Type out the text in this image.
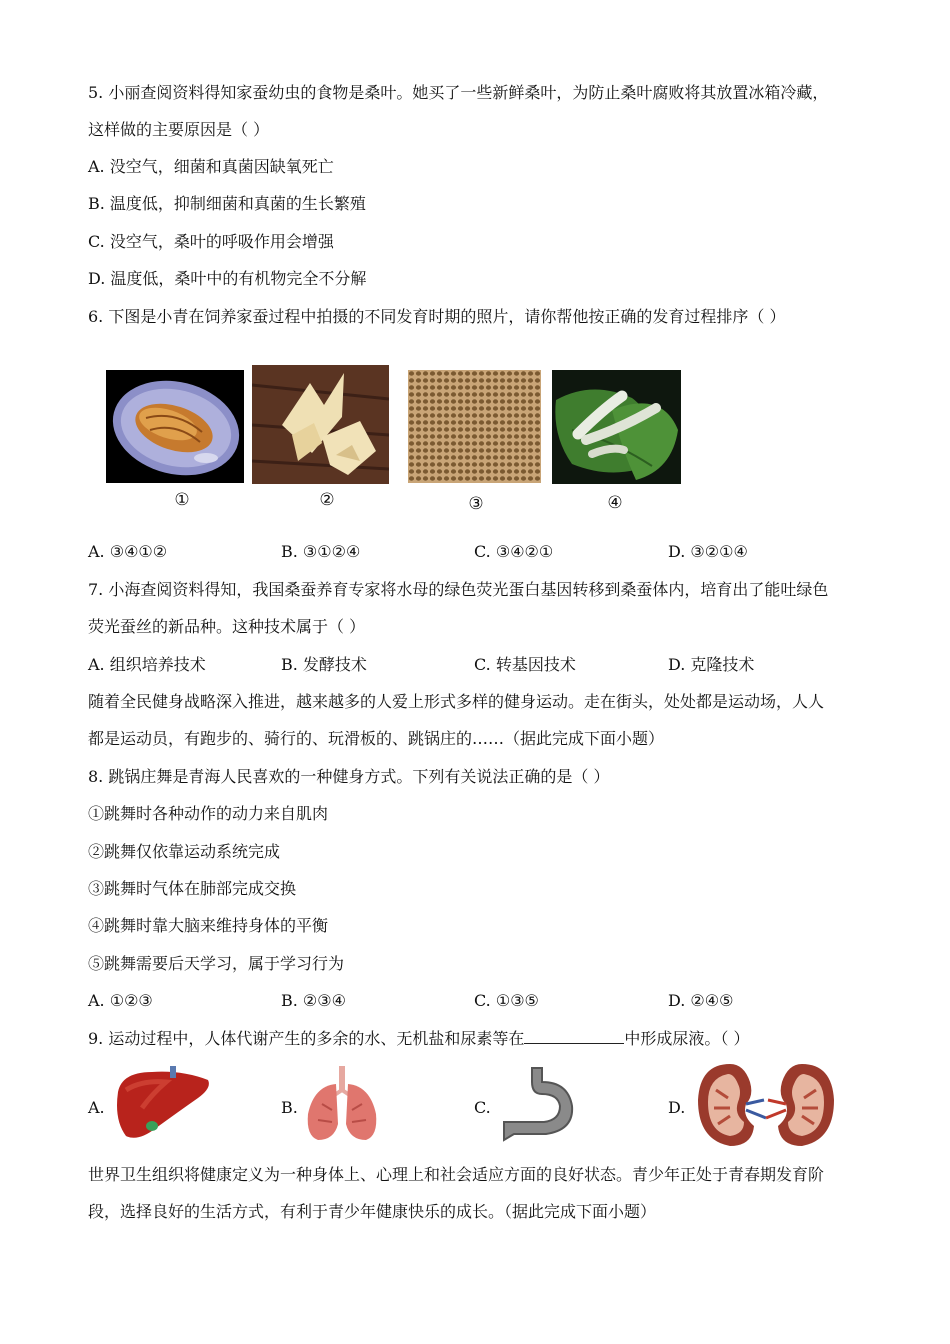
5. 小丽查阅资料得知家蚕幼虫的食物是桑叶。她买了一些新鲜桑叶，为防止桑叶腐败将其放置冰箱冷藏，
这样做的主要原因是（ ）
A. 没空气，细菌和真菌因缺氧死亡
B. 温度低，抑制细菌和真菌的生长繁殖
C. 没空气，桑叶的呼吸作用会增强
D. 温度低，桑叶中的有机物完全不分解
6. 下图是小青在饲养家蚕过程中拍摄的不同发育时期的照片，请你帮他按正确的发育过程排序（ ）
①	②	③	④
A. ③④①②	B. ③①②④	C. ③④②①	D. ③②①④
7. 小海查阅资料得知，我国桑蚕养育专家将水母的绿色荧光蛋白基因转移到桑蚕体内，培育出了能吐绿色
荧光蚕丝的新品种。这种技术属于（ ）
A. 组织培养技术	B. 发酵技术	C. 转基因技术	D. 克隆技术
随着全民健身战略深入推进，越来越多的人爱上形式多样的健身运动。走在街头，处处都是运动场，人人
都是运动员，有跑步的、骑行的、玩滑板的、跳锅庄的……（据此完成下面小题）
8. 跳锅庄舞是青海人民喜欢的一种健身方式。下列有关说法正确的是（ ）
①跳舞时各种动作的动力来自肌肉
②跳舞仅依靠运动系统完成
③跳舞时气体在肺部完成交换
④跳舞时靠大脑来维持身体的平衡
⑤跳舞需要后天学习，属于学习行为
A. ①②③	B. ②③④	C. ①③⑤	D. ②④⑤
9. 运动过程中，人体代谢产生的多余的水、无机盐和尿素等在	中形成尿液。（ ）
A.	B.	C.	D.
世界卫生组织将健康定义为一种身体上、心理上和社会适应方面的良好状态。青少年正处于青春期发育阶
段，选择良好的生活方式，有利于青少年健康快乐的成长。（据此完成下面小题）
